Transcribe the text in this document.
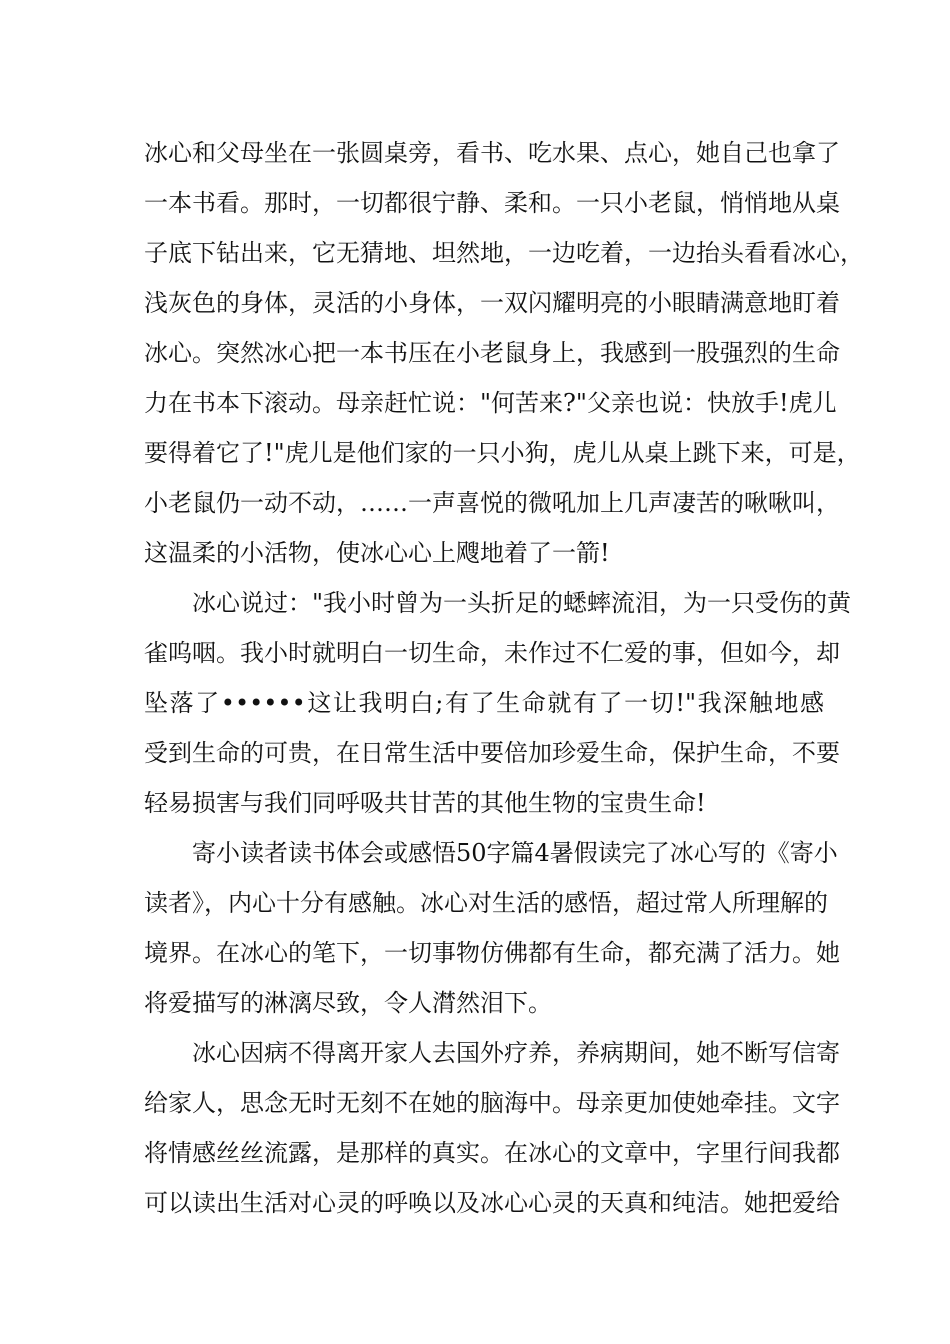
冰心和父母坐在一张圆桌旁，看书、吃水果、点心，她自己也拿了
一本书看。那时，一切都很宁静、柔和。一只小老鼠，悄悄地从桌
子底下钻出来，它无猜地、坦然地，一边吃着，一边抬头看看冰心，
浅灰色的身体，灵活的小身体，一双闪耀明亮的小眼睛满意地盯着
冰心。突然冰心把一本书压在小老鼠身上，我感到一股强烈的生命
力在书本下滚动。母亲赶忙说："何苦来?"父亲也说：快放手!虎儿
要得着它了!"虎儿是他们家的一只小狗，虎儿从桌上跳下来，可是，
小老鼠仍一动不动，……一声喜悦的微吼加上几声凄苦的啾啾叫，
这温柔的小活物，使冰心心上飕地着了一箭!
冰心说过："我小时曾为一头折足的蟋蟀流泪，为一只受伤的黄
雀呜咽。我小时就明白一切生命，未作过不仁爱的事，但如今，却
坠落了••••••这让我明白;有了生命就有了一切!"我深触地感
受到生命的可贵，在日常生活中要倍加珍爱生命，保护生命，不要
轻易损害与我们同呼吸共甘苦的其他生物的宝贵生命!
寄小读者读书体会或感悟50字篇4暑假读完了冰心写的《寄小
读者》，内心十分有感触。冰心对生活的感悟，超过常人所理解的
境界。在冰心的笔下，一切事物仿佛都有生命，都充满了活力。她
将爱描写的淋漓尽致，令人潸然泪下。
冰心因病不得离开家人去国外疗养，养病期间，她不断写信寄
给家人，思念无时无刻不在她的脑海中。母亲更加使她牵挂。文字
将情感丝丝流露，是那样的真实。在冰心的文章中，字里行间我都
可以读出生活对心灵的呼唤以及冰心心灵的天真和纯洁。她把爱给
